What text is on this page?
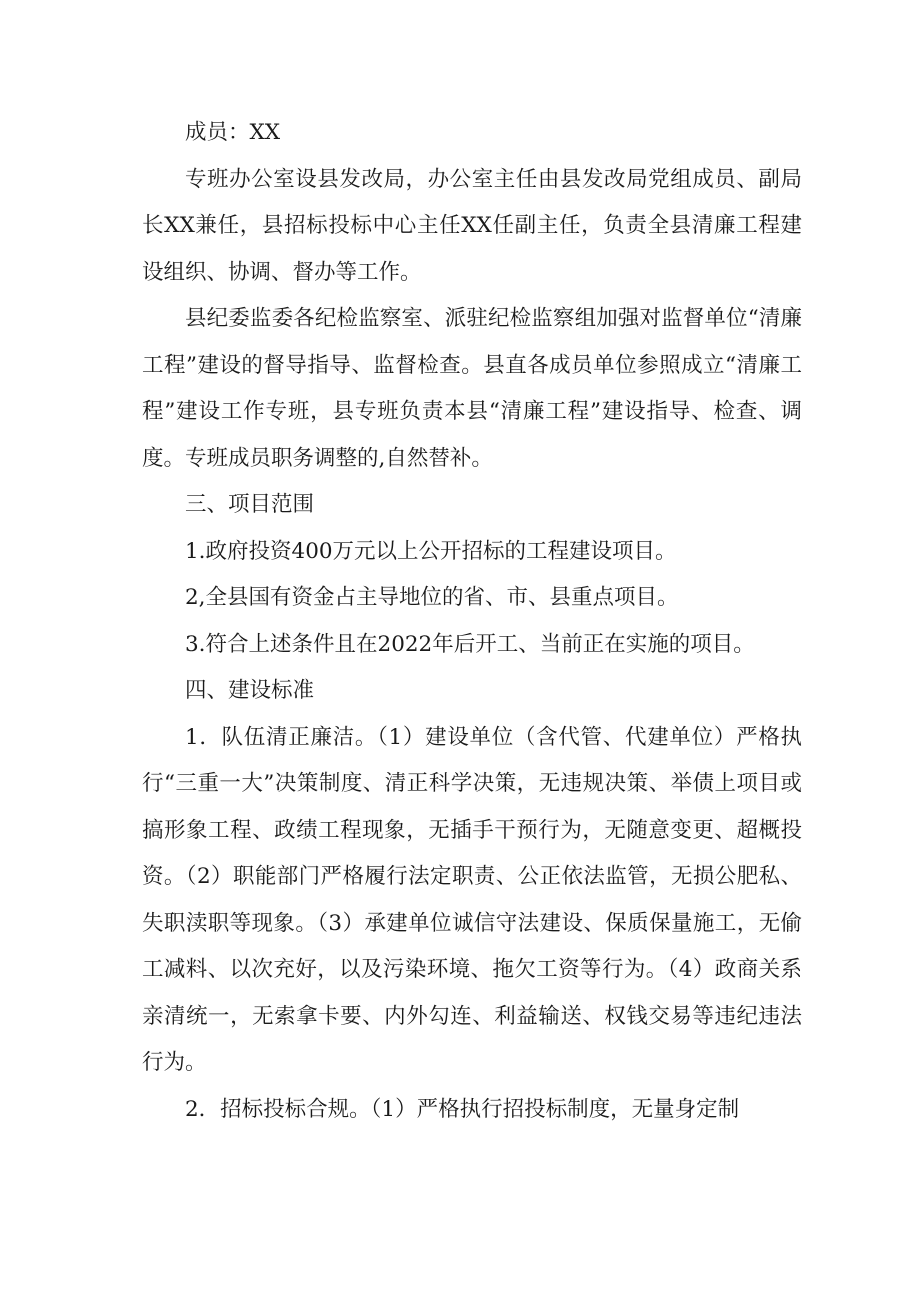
成员：XX

专班办公室设县发改局，办公室主任由县发改局党组成员、副局长XX兼任，县招标投标中心主任XX任副主任，负责全县清廉工程建设组织、协调、督办等工作。

县纪委监委各纪检监察室、派驻纪检监察组加强对监督单位“清廉工程”建设的督导指导、监督检查。县直各成员单位参照成立“清廉工程”建设工作专班，县专班负责本县“清廉工程”建设指导、检查、调度。专班成员职务调整的,自然替补。

三、项目范围

1.政府投资400万元以上公开招标的工程建设项目。

2,全县国有资金占主导地位的省、市、县重点项目。

3.符合上述条件且在2022年后开工、当前正在实施的项目。

四、建设标准

1．队伍清正廉洁。（1）建设单位（含代管、代建单位）严格执行“三重一大”决策制度、清正科学决策，无违规决策、举债上项目或搞形象工程、政绩工程现象，无插手干预行为，无随意变更、超概投资。（2）职能部门严格履行法定职责、公正依法监管，无损公肥私、失职渎职等现象。（3）承建单位诚信守法建设、保质保量施工，无偷工减料、以次充好，以及污染环境、拖欠工资等行为。（4）政商关系亲清统一，无索拿卡要、内外勾连、利益输送、权钱交易等违纪违法行为。

2．招标投标合规。（1）严格执行招投标制度，无量身定制
